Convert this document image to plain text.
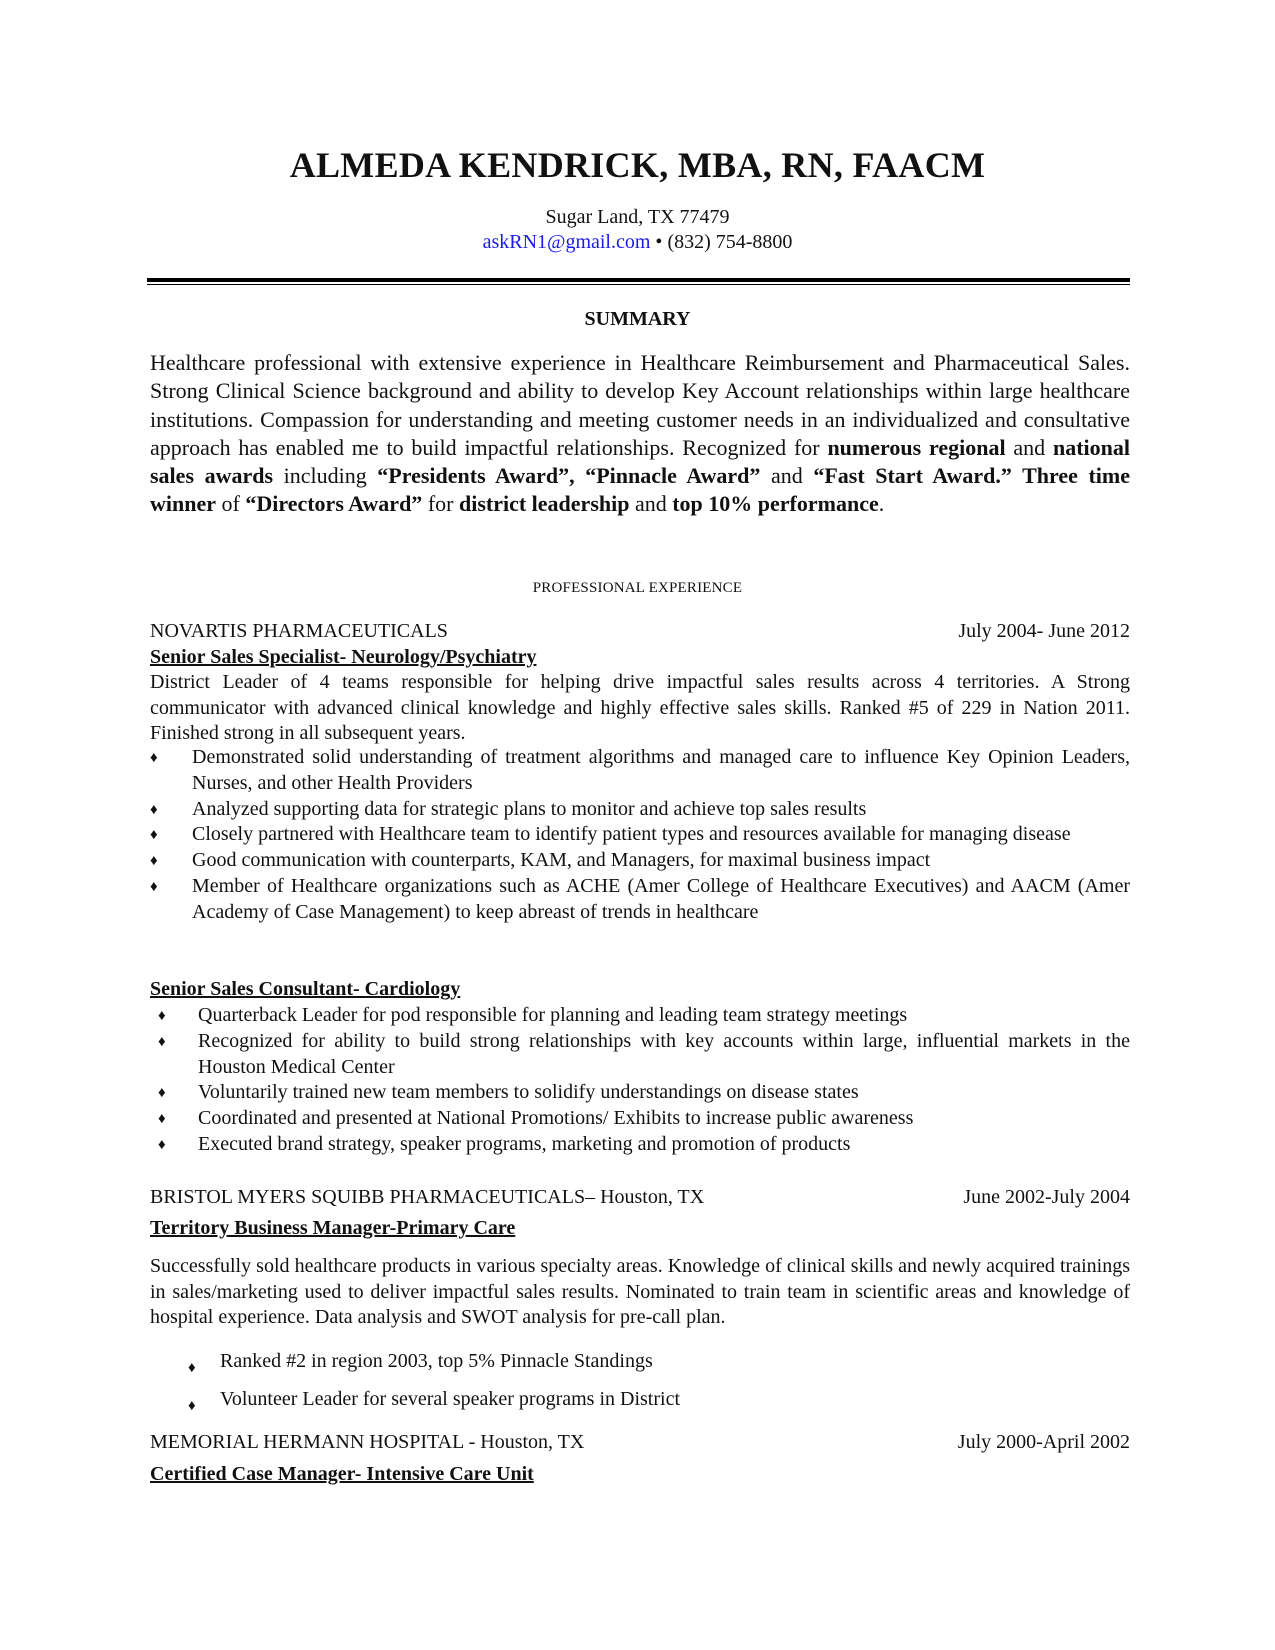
ALMEDA KENDRICK, MBA, RN, FAACM
Sugar Land, TX 77479
askRN1@gmail.com • (832) 754-8800
SUMMARY

Healthcare professional with extensive experience in Healthcare Reimbursement and Pharmaceutical Sales. Strong Clinical Science background and ability to develop Key Account relationships within large healthcare institutions. Compassion for understanding and meeting customer needs in an individualized and consultative approach has enabled me to build impactful relationships. Recognized for numerous regional and national sales awards including “Presidents Award”, “Pinnacle Award” and “Fast Start Award.” Three time winner of “Directors Award” for district leadership and top 10% performance.

PROFESSIONAL EXPERIENCE
NOVARTIS PHARMACEUTICALS	July 2004- June 2012
Senior Sales Specialist- Neurology/Psychiatry

District Leader of 4 teams responsible for helping drive impactful sales results across 4 territories. A Strong communicator with advanced clinical knowledge and highly effective sales skills. Ranked #5 of 229 in Nation 2011. Finished strong in all subsequent years.

♦ Demonstrated solid understanding of treatment algorithms and managed care to influence Key Opinion Leaders, Nurses, and other Health Providers
♦ Analyzed supporting data for strategic plans to monitor and achieve top sales results
♦ Closely partnered with Healthcare team to identify patient types and resources available for managing disease
♦ Good communication with counterparts, KAM, and Managers, for maximal business impact
♦ Member of Healthcare organizations such as ACHE (Amer College of Healthcare Executives) and AACM (Amer Academy of Case Management) to keep abreast of trends in healthcare
Senior Sales Consultant- Cardiology
♦ Quarterback Leader for pod responsible for planning and leading team strategy meetings
♦ Recognized for ability to build strong relationships with key accounts within large, influential markets in the Houston Medical Center
♦ Voluntarily trained new team members to solidify understandings on disease states
♦ Coordinated and presented at National Promotions/ Exhibits to increase public awareness
♦ Executed brand strategy, speaker programs, marketing and promotion of products
BRISTOL MYERS SQUIBB PHARMACEUTICALS– Houston, TX	June 2002-July 2004
Territory Business Manager-Primary Care

Successfully sold healthcare products in various specialty areas. Knowledge of clinical skills and newly acquired trainings in sales/marketing used to deliver impactful sales results. Nominated to train team in scientific areas and knowledge of hospital experience. Data analysis and SWOT analysis for pre-call plan.

♦ Ranked #2 in region 2003, top 5% Pinnacle Standings
♦ Volunteer Leader for several speaker programs in District
MEMORIAL HERMANN HOSPITAL - Houston, TX	July 2000-April 2002
Certified Case Manager- Intensive Care Unit
